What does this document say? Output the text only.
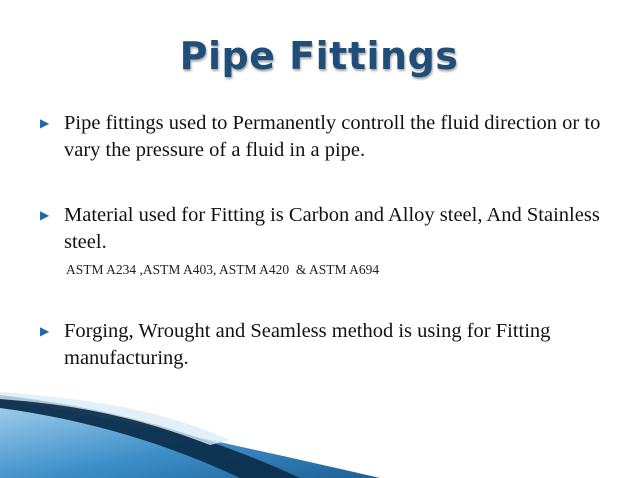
Pipe Fittings
▶ Pipe fittings used to Permanently controll the fluid direction or to vary the pressure of a fluid in a pipe.
▶ Material used for Fitting is Carbon and Alloy steel, And Stainless steel.
ASTM A234 ,ASTM A403, ASTM A420  & ASTM A694
▶ Forging, Wrought and Seamless method is using for Fitting manufacturing.
